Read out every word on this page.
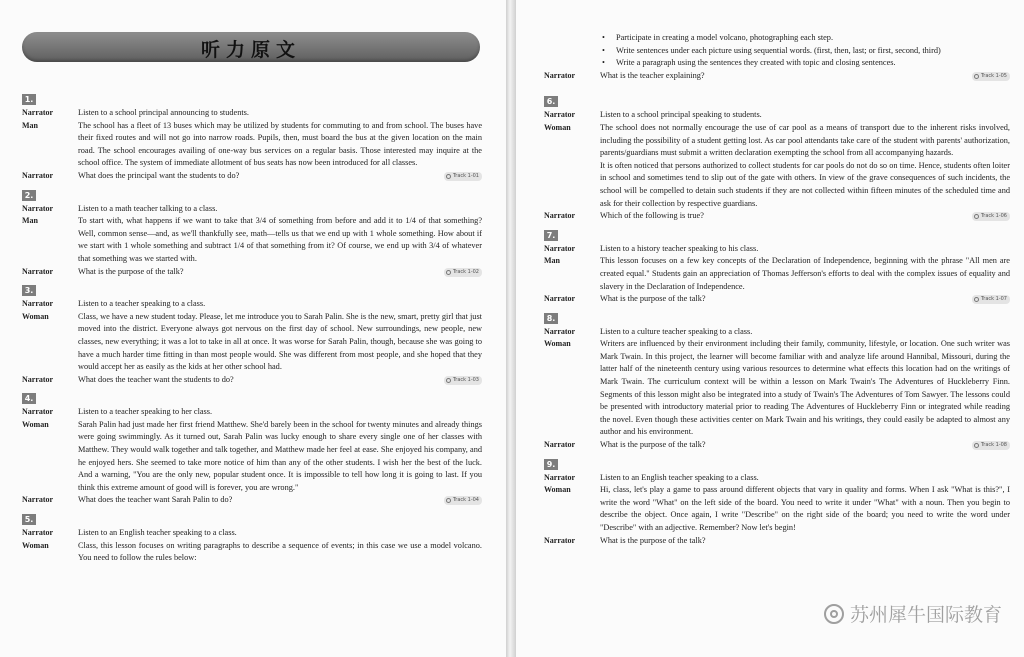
听力原文
1.
Narrator	Listen to a school principal announcing to students.
Man	The school has a fleet of 13 buses which may be utilized by students for commuting to and from school. The buses have their fixed routes and will not go into narrow roads. Pupils, then, must board the bus at the given location on the main road. The school encourages availing of one-way bus services on a regular basis. Those interested may inquire at the school office. The system of immediate allotment of bus seats has now been introduced for all classes.
Narrator	What does the principal want the students to do?	Track 1-01
2.
Narrator	Listen to a math teacher talking to a class.
Man	To start with, what happens if we want to take that 3/4 of something from before and add it to 1/4 of that something? Well, common sense—and, as we'll thankfully see, math—tells us that we end up with 1 whole something. How about if we start with 1 whole something and subtract 1/4 of that something from it? Of course, we end up with 3/4 of whatever that something was we started with.
Narrator	What is the purpose of the talk?	Track 1-02
3.
Narrator	Listen to a teacher speaking to a class.
Woman	Class, we have a new student today. Please, let me introduce you to Sarah Palin. She is the new, smart, pretty girl that just moved into the district. Everyone always got nervous on the first day of school. New surroundings, new people, new classes, new everything; it was a lot to take in all at once. It was worse for Sarah Palin, though, because she was going to have a much harder time fitting in than most people would. She was different from most people, and she hoped that they would accept her as easily as the kids at her other school had.
Narrator	What does the teacher want the students to do?	Track 1-03
4.
Narrator	Listen to a teacher speaking to her class.
Woman	Sarah Palin had just made her first friend Matthew. She'd barely been in the school for twenty minutes and already things were going swimmingly. As it turned out, Sarah Palin was lucky enough to share every single one of her classes with Matthew. They would walk together and talk together, and Matthew made her feel at ease. She enjoyed his company, and he enjoyed hers. She seemed to take more notice of him than any of the other students. I wish her the best of the luck. And a warning, "You are the only new, popular student once. It is impossible to tell how long it is going to last. If you think this extreme amount of good will is forever, you are wrong."
Narrator	What does the teacher want Sarah Palin to do?	Track 1-04
5.
Narrator	Listen to an English teacher speaking to a class.
Woman	Class, this lesson focuses on writing paragraphs to describe a sequence of events; in this case we use a model volcano. You need to follow the rules below:
• Participate in creating a model volcano, photographing each step.
• Write sentences under each picture using sequential words. (first, then, last; or first, second, third)
• Write a paragraph using the sentences they created with topic and closing sentences.
Narrator	What is the teacher explaining?	Track 1-05
6.
Narrator	Listen to a school principal speaking to students.
Woman	The school does not normally encourage the use of car pool as a means of transport due to the inherent risks involved, including the possibility of a student getting lost. As car pool attendants take care of the student with parents' authorization, parents/guardians must submit a written declaration exempting the school from all accompanying hazards.
It is often noticed that persons authorized to collect students for car pools do not do so on time. Hence, students often loiter in school and sometimes tend to slip out of the gate with others. In view of the grave consequences of such incidents, the school will be compelled to detain such students if they are not collected within fifteen minutes of the scheduled time and ask for their collection by respective guardians.
Narrator	Which of the following is true?	Track 1-06
7.
Narrator	Listen to a history teacher speaking to his class.
Man	This lesson focuses on a few key concepts of the Declaration of Independence, beginning with the phrase "All men are created equal." Students gain an appreciation of Thomas Jefferson's efforts to deal with the complex issues of equality and slavery in the Declaration of Independence.
Narrator	What is the purpose of the talk?	Track 1-07
8.
Narrator	Listen to a culture teacher speaking to a class.
Woman	Writers are influenced by their environment including their family, community, lifestyle, or location. One such writer was Mark Twain. In this project, the learner will become familiar with and analyze life around Hannibal, Missouri, during the latter half of the nineteenth century using various resources to determine what effects this location had on the writings of Mark Twain. The curriculum context will be within a lesson on Mark Twain's The Adventures of Huckleberry Finn. Segments of this lesson might also be integrated into a study of Twain's The Adventures of Tom Sawyer. The lessons could be presented with introductory material prior to reading The Adventures of Huckleberry Finn or integrated while reading the novel. Even though these activities center on Mark Twain and his writings, they could easily be adapted to almost any author and his environment.
Narrator	What is the purpose of the talk?	Track 1-08
9.
Narrator	Listen to an English teacher speaking to a class.
Woman	Hi, class, let's play a game to pass around different objects that vary in quality and forms. When I ask "What is this?", I write the word "What" on the left side of the board. You need to write it under "What" with a noun. Then you begin to describe the object. Once again, I write "Describe" on the right side of the board; you need to write the word under "Describe" with an adjective. Remember? Now let's begin!
Narrator	What is the purpose of the talk?
苏州犀牛国际教育
